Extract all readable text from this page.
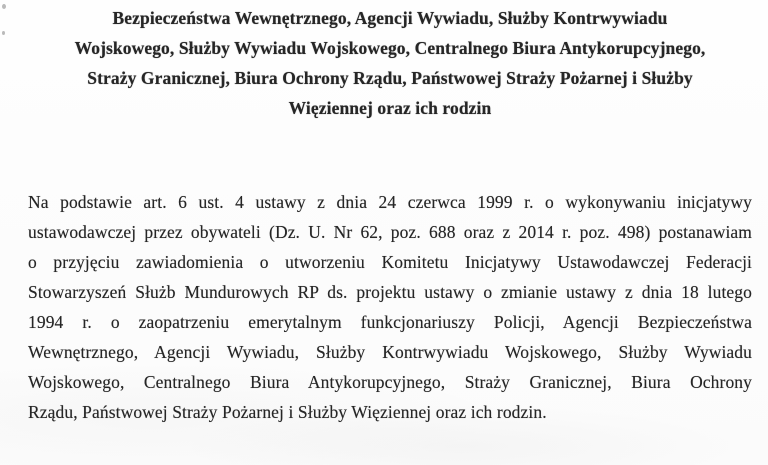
Bezpieczeństwa Wewnętrznego, Agencji Wywiadu, Służby Kontrwywiadu
Wojskowego, Służby Wywiadu Wojskowego, Centralnego Biura Antykorupcyjnego,
Straży Granicznej, Biura Ochrony Rządu, Państwowej Straży Pożarnej i Służby
Więziennej oraz ich rodzin
Na podstawie art. 6 ust. 4 ustawy z dnia 24 czerwca 1999 r. o wykonywaniu inicjatywy
ustawodawczej przez obywateli (Dz. U. Nr 62, poz. 688 oraz z 2014 r. poz. 498) postanawiam
o przyjęciu zawiadomienia o utworzeniu Komitetu Inicjatywy Ustawodawczej Federacji
Stowarzyszeń Służb Mundurowych RP ds. projektu ustawy o zmianie ustawy z dnia 18 lutego
1994 r. o zaopatrzeniu emerytalnym funkcjonariuszy Policji, Agencji Bezpieczeństwa
Wewnętrznego, Agencji Wywiadu, Służby Kontrwywiadu Wojskowego, Służby Wywiadu
Wojskowego, Centralnego Biura Antykorupcyjnego, Straży Granicznej, Biura Ochrony
Rządu, Państwowej Straży Pożarnej i Służby Więziennej oraz ich rodzin.
